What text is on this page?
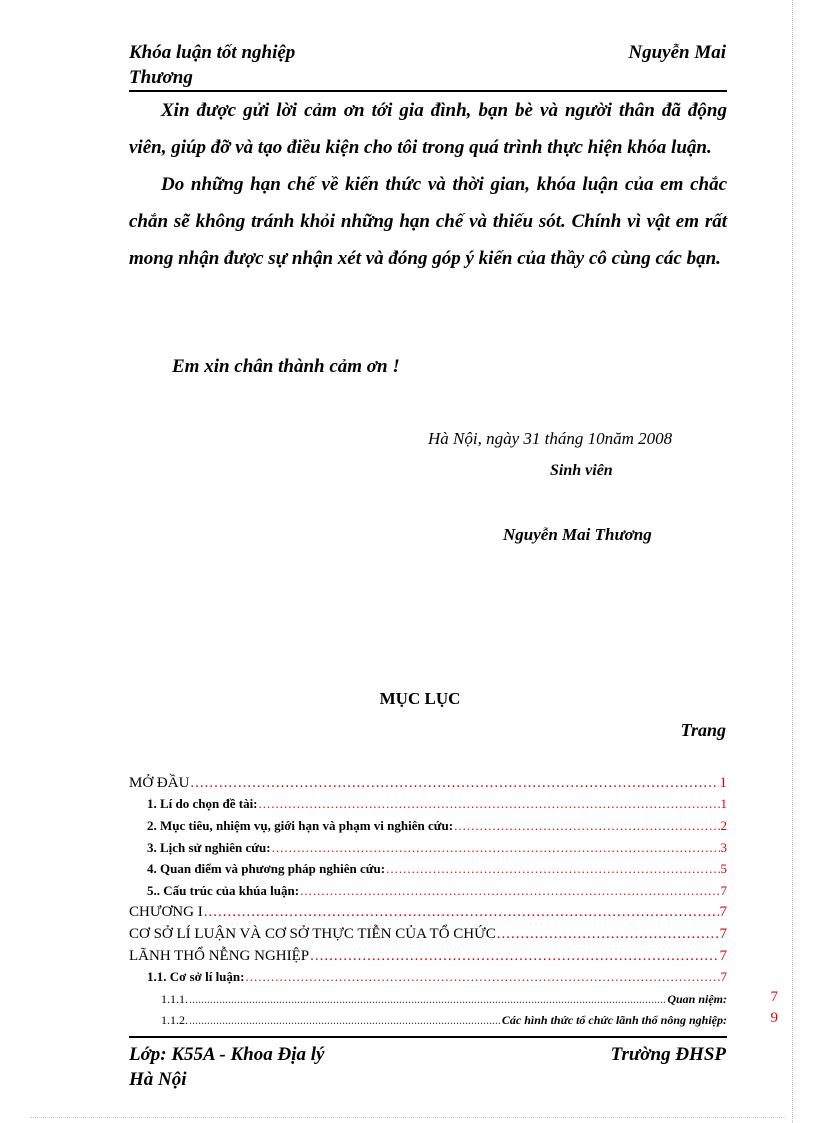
Khóa luận tốt nghiệp
Thương
Nguyễn Mai

Xin được gửi lời cảm ơn tới gia đình, bạn bè và người thân đã động viên, giúp đỡ và tạo điều kiện cho tôi trong quá trình thực hiện khóa luận.

Do những hạn chế về kiến thức và thời gian, khóa luận của em chắc chắn sẽ không tránh khỏi những hạn chế và thiếu sót. Chính vì vật em rất mong nhận được sự nhận xét và đóng góp ý kiến của thầy cô cùng các bạn.

Em xin chân thành cảm ơn !
Hà Nội, ngày 31 tháng 10năm 2008
Sinh viên
Nguyễn Mai Thương
MỤC LỤC
Trang
MỞ ĐẦU .....	1
1. Lí do chọn đề tài: .....	1
2. Mục tiêu, nhiệm vụ, giới hạn và phạm vi nghiên cứu: .....	2
3. Lịch sử nghiên cứu: .....	3
4. Quan điểm và phương pháp nghiên cứu: .....	5
5.. Cấu trúc của khúa luận: .....	7
CHƯƠNG I .....	7
CƠ SỞ LÍ LUẬN VÀ CƠ SỞ THỰC TIỄN CỦA TỔ CHỨC .....	7
LÃNH THỔ NỄNG NGHIỆP .....	7
1.1. Cơ sở lí luận: .....	7
1.1.1. .....	Quan niệm:	7
1.1.2. .....	Các hình thức tổ chức lãnh thổ nông nghiệp:	9
Lớp: K55A - Khoa Địa lý
Hà Nội
Trường ĐHSP
